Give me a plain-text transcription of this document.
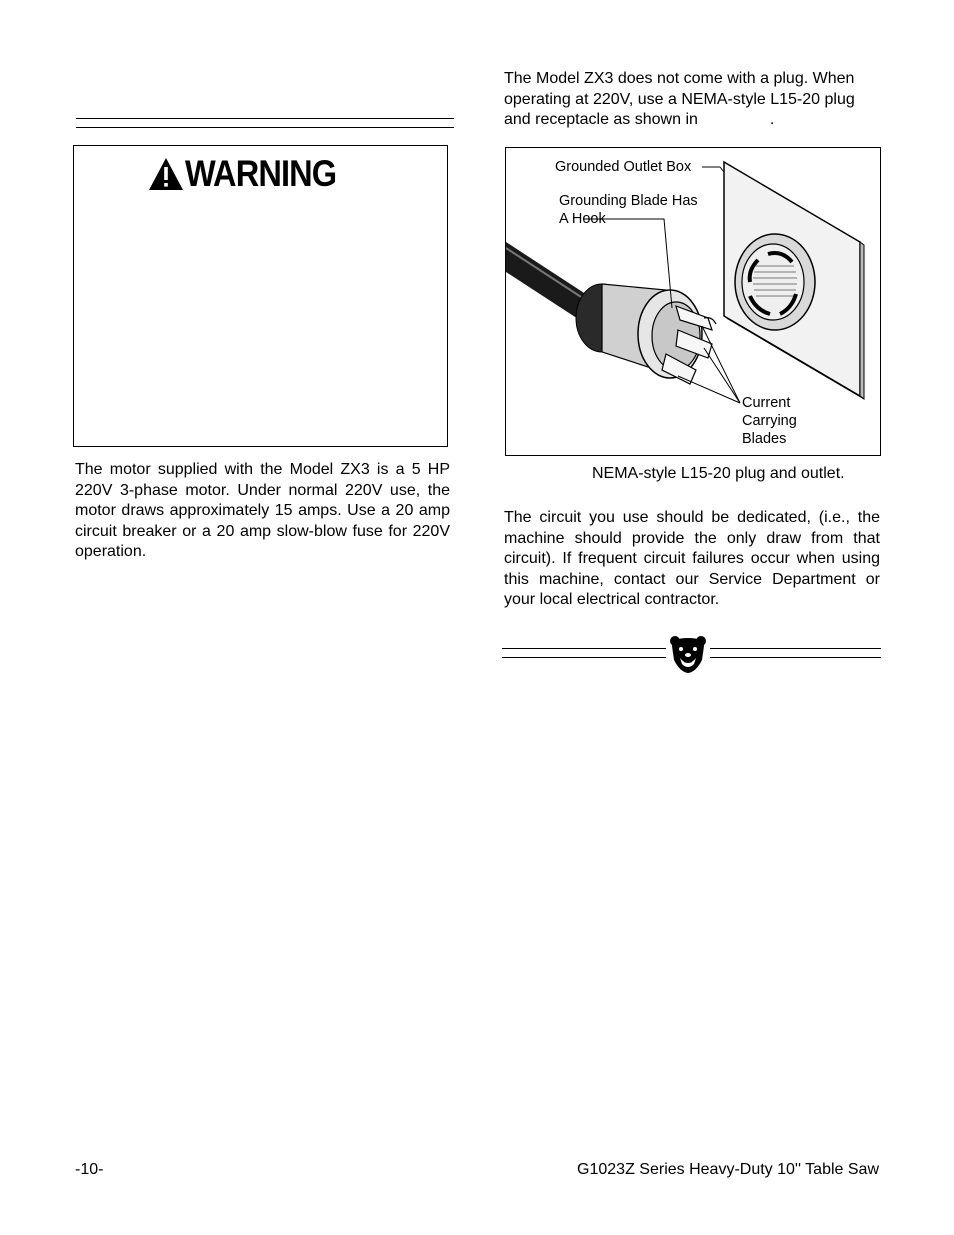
WARNING
The motor supplied with the Model ZX3 is a 5 HP 220V 3-phase motor. Under normal 220V use, the motor draws approximately 15 amps. Use a 20 amp circuit breaker or a 20 amp slow-blow fuse for 220V operation.
The Model ZX3 does not come with a plug. When operating at 220V, use a NEMA-style L15-20 plug and receptacle as shown in	.
Grounded Outlet Box
Grounding Blade Has
A Hook
Current
Carrying
Blades
NEMA-style L15-20 plug and outlet.
The circuit you use should be dedicated, (i.e., the machine should provide the only draw from that circuit). If frequent circuit failures occur when using this machine, contact our Service Department or your local electrical contractor.
-10-	G1023Z Series Heavy-Duty 10'' Table Saw
